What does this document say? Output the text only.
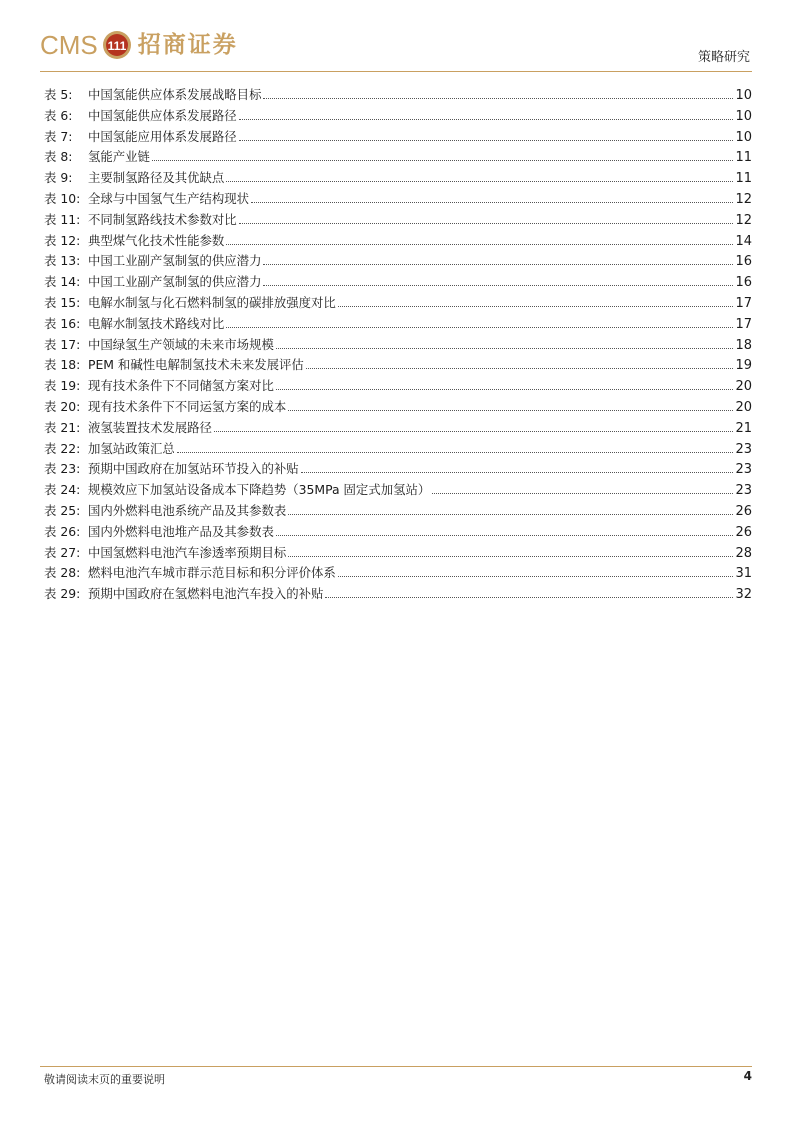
CMS 111 招商证券	策略研究
表 5:	中国氢能供应体系发展战略目标	10
表 6:	中国氢能供应体系发展路径	10
表 7:	中国氢能应用体系发展路径	10
表 8:	氢能产业链	11
表 9:	主要制氢路径及其优缺点	11
表 10: 全球与中国氢气生产结构现状	12
表 11: 不同制氢路线技术参数对比	12
表 12: 典型煤气化技术性能参数	14
表 13: 中国工业副产氢制氢的供应潜力	16
表 14: 中国工业副产氢制氢的供应潜力	16
表 15: 电解水制氢与化石燃料制氢的碳排放强度对比	17
表 16: 电解水制氢技术路线对比	17
表 17: 中国绿氢生产领域的未来市场规模	18
表 18: PEM 和碱性电解制氢技术未来发展评估	19
表 19: 现有技术条件下不同储氢方案对比	20
表 20: 现有技术条件下不同运氢方案的成本	20
表 21: 液氢装置技术发展路径	21
表 22: 加氢站政策汇总	23
表 23: 预期中国政府在加氢站环节投入的补贴	23
表 24: 规模效应下加氢站设备成本下降趋势（35MPa 固定式加氢站）	23
表 25: 国内外燃料电池系统产品及其参数表	26
表 26: 国内外燃料电池堆产品及其参数表	26
表 27: 中国氢燃料电池汽车渗透率预期目标	28
表 28: 燃料电池汽车城市群示范目标和积分评价体系	31
表 29: 预期中国政府在氢燃料电池汽车投入的补贴	32
敬请阅读末页的重要说明	4
